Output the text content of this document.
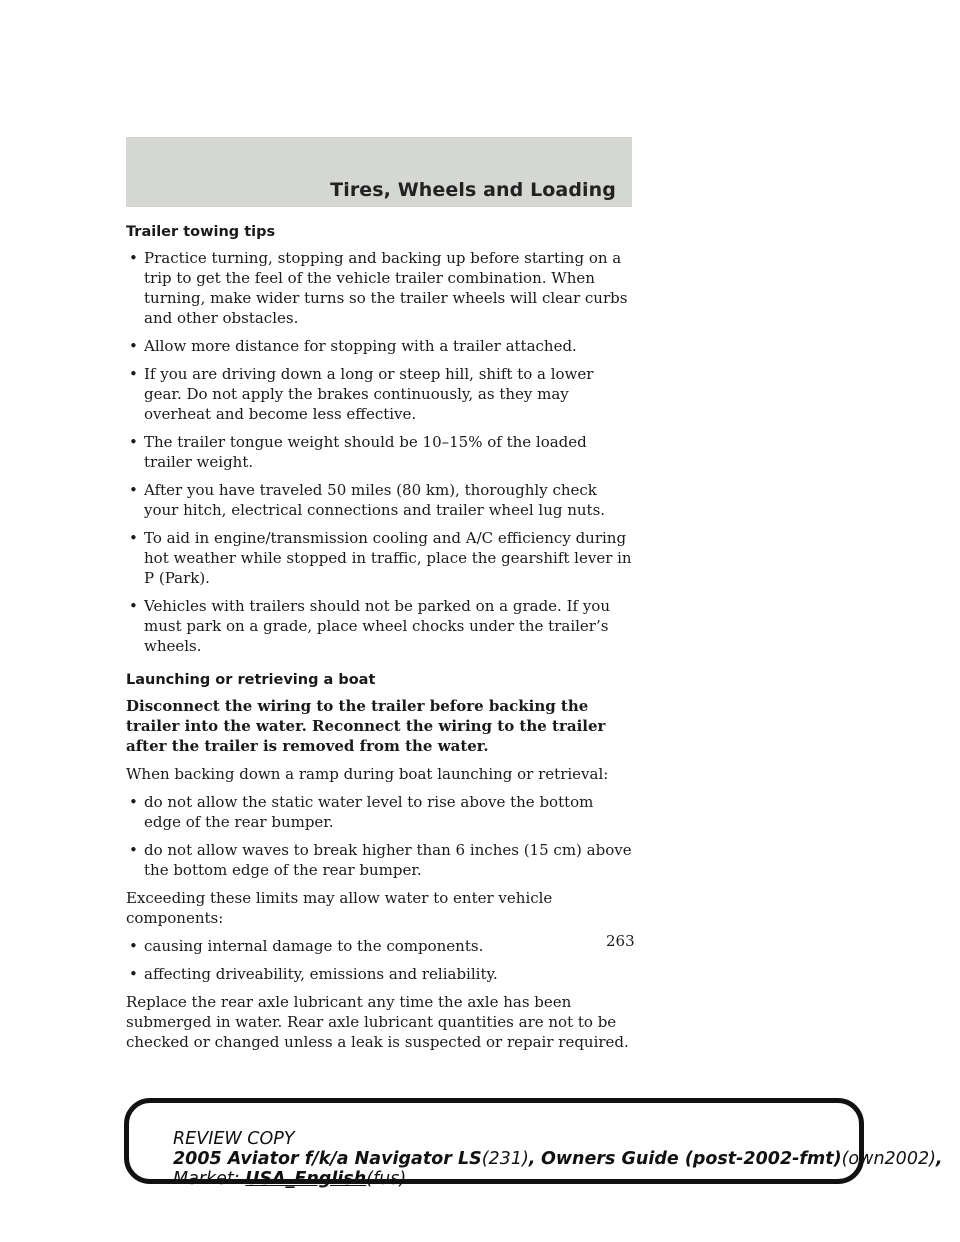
Tires, Wheels and Loading
Trailer towing tips
• Practice turning, stopping and backing up before starting on a trip to get the feel of the vehicle trailer combination. When turning, make wider turns so the trailer wheels will clear curbs and other obstacles.
• Allow more distance for stopping with a trailer attached.
• If you are driving down a long or steep hill, shift to a lower gear. Do not apply the brakes continuously, as they may overheat and become less effective.
• The trailer tongue weight should be 10–15% of the loaded trailer weight.
• After you have traveled 50 miles (80 km), thoroughly check your hitch, electrical connections and trailer wheel lug nuts.
• To aid in engine/transmission cooling and A/C efficiency during hot weather while stopped in traffic, place the gearshift lever in P (Park).
• Vehicles with trailers should not be parked on a grade. If you must park on a grade, place wheel chocks under the trailer’s wheels.
Launching or retrieving a boat

Disconnect the wiring to the trailer before backing the trailer into the water. Reconnect the wiring to the trailer after the trailer is removed from the water.

When backing down a ramp during boat launching or retrieval:

• do not allow the static water level to rise above the bottom edge of the rear bumper.
• do not allow waves to break higher than 6 inches (15 cm) above the bottom edge of the rear bumper.

Exceeding these limits may allow water to enter vehicle components:

• causing internal damage to the components.
• affecting driveability, emissions and reliability.

Replace the rear axle lubricant any time the axle has been submerged in water. Rear axle lubricant quantities are not to be checked or changed unless a leak is suspected or repair required.

263
REVIEW COPY
2005 Aviator f/k/a Navigator LS(231), Owners Guide (post-2002-fmt)(own2002),
Market: USA_English(fus)
